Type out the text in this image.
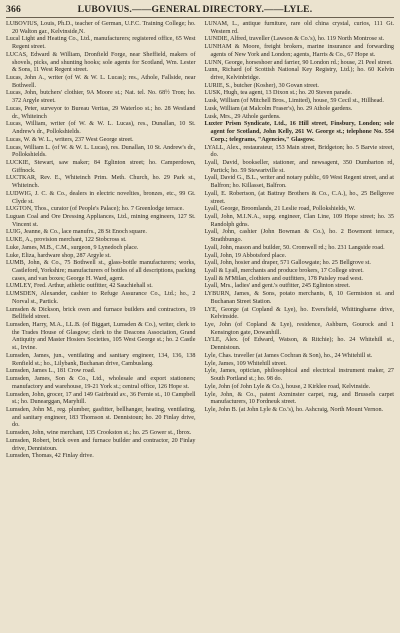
366	LUBOVIUS.——GENERAL DIRECTORY.——LYLE.

LUBOVIUS, Louis, Ph.D., teacher of German, U.F.C. Training College; ho. 20 Walton gar., Kelvinside,N.

Lucal Light and Heating Co., Ltd., manufacturers; registered office, 65 West Regent street.

LUCAS, Edward & William, Dronfield Forge, near Sheffield, makers of shovels, picks, and shunting hooks; sole agents for Scotland, Wm. Lester & Sons, 11 West Regent street.

Lucas, John A., writer (of W. & W. L. Lucas); res., Athole, Fallside, near Bothwell.

Lucas, John, butchers' clothier, 9A Moore st.; Nat. tel. No. 68½ Tron; ho. 372 Argyle street.

Lucas, Peter, surveyor to Bureau Veritas, 29 Waterloo st.; ho. 28 Westland dr., Whiteinch

Lucas, William, writer (of W. & W. L. Lucas), res., Dunallan, 10 St. Andrew's dr., Pollokshields.

Lucas, W. & W. L., writers, 237 West George street.

Lucas, William L. (of W. & W. L. Lucas), res. Dunallan, 10 St. Andrew's dr., Pollokshields.

LUCKIE, Stewart, saw maker; 84 Eglinton street; ho. Camperdown, Giffnock.

LUCTKAR, Rev. E., Whiteinch Prim. Meth. Church, ho. 29 Park st., Whiteinch.

LUDWIG, J. C. & Co., dealers in electric novelties, bronzes, etc., 99 Gt. Clyde st.

LUGTON, Thos., curator (of People's Palace); ho. 7 Greenlodge terrace.

Luguan Coal and Ore Dressing Appliances, Ltd., mining engineers, 127 St. Vincent st.

LUIG, Jeanne, & Co., lace manufrs., 28 St Enoch square.

LUKE, A., provision merchant, 122 Stobcross st.

Luke, James, M.B., C.M., surgeon, 9 Lynedoch place.

Luke, Eliza, hardware shop, 287 Argyle st.

LUMB, John, & Co., 75 Bothwell st., glass-bottle manufacturers; works, Castleford, Yorkshire; manufacturers of bottles of all descriptions, packing cases, and van boxes; George H. Ward, agent.

LUMLEY, Fred. Arthur, athletic outfitter, 42 Sauchiehall st.

LUMSDEN, Alexander, cashier to Refuge Assurance Co., Ltd.; ho., 2 Norval st., Partick.

Lumsden & Dickson, brick oven and furnace builders and contractors, 19 Bellfield street.

Lumsden, Harry, M.A., LL.B. (of Biggart, Lumsden & Co.), writer, clerk to the Trades House of Glasgow; clerk to the Deacons Association, Grand Antiquity and Master Hosiers Societies, 105 West George st.; ho. 2 Castle st., Irvine.

Lumsden, James, jun., ventilating and sanitary engineer, 134, 136, 138 Renfield st.; ho., Lilybank, Buchanan drive, Cambuslang.

Lumsden, James L., 181 Crow road.

Lumsden, James, Son & Co., Ltd., wholesale and export stationers; manufactory and warehouse, 19-21 York st.; central office, 126 Hope st.

Lumsden, John, grocer, 17 and 149 Gairbraid av., 36 Fernie st., 10 Campbell st.; ho. Dunearggan, Maryhill.

Lumsden, John M., reg. plumber, gasfitter, bellhanger, heating, ventilating, and sanitary engineer, 183 Thomson st. Dennistoun; ho. 20 Finlay drive, do.

Lumsden, John, wine merchant, 135 Crookston st.; ho. 25 Gower st., Ibrox.

Lumsden, Robert, brick oven and furnace builder and contractor, 20 Finlay drive, Dennistoun.

Lumsden, Thomas, 42 Finlay drive.

LUNAM, L., antique furniture, rare old china crystal, curios, 111 Gt. Western rd.

LUNDIE, Alfred, traveller (Lawson & Co.'s), ho. 119 North Montrose st.

LUNHAM & Moore, freight brokers, marine insurance and forwarding agents of New York and London; agents, Harris & Co., 67 Hope st.

LUNN, George, horseshoer and farrier, 90 London rd.; house, 21 Peel street.

Lunn, Richard (of Scottish National Key Registry, Ltd.); ho. 60 Kelvin drive, Kelvinbridge.

LURIE, S., butcher (Kosher), 30 Govan street.

LUSK, Hugh, tea agent, 13 Dixon st.; ho. 20 Steven parade.

Lusk, William (of Mitchell Bros., Limited), house, 59 Cecil st., Hillhead.

Lusk, William (at Malcolm Fraser's), ho. 29 Athole gardens.

Lusk, Mrs., 29 Athole gardens.

Luxter Prism Syndicate, Ltd., 16 Hill street, Finsbury, London; sole agent for Scotland, John Kelly, 261 W. George st.; telephone No. 554 Corp.; telegrams, "Agencies," Glasgow.

LYALL, Alex., restaurateur, 153 Main street, Bridgeton; ho. 5 Barvie street, do.

Lyall, David, bookseller, stationer, and newsagent, 350 Dumbarton rd, Partick; ho. 59 Stewartville st.

Lyall, David G., B.L., writer and notary public, 69 West Regent street, and at Balfron; ho. Killasset, Balfron.

Lyall, E. Robertson, (at Battray Brothers & Co., C.A.), ho., 25 Bellgrove street.

Lyall, George, Broomlands, 21 Leslie road, Pollokshields, W.

Lyall, John, M.I.N.A., supg. engineer, Clan Line, 109 Hope street; ho. 35 Randolph gdns.

Lyall, John, cashier (John Bowman & Co.), ho. 2 Bowmont terrace, Strathbungo.

Lyall, John, mason and builder, 50. Cromwell rd.; ho. 231 Langside road.

Lyall, John, 19 Abbotsford place.

Lyall, John, hosier and draper, 571 Gallowgate; ho. 25 Bellgrove st.

Lyall & Lyall, merchants and produce brokers, 17 College street.

Lyall & M'Milan, clothiers and outfitters, 178 Paisley road west.

Lyall, Mrs., ladies' and gent.'s outfitter, 245 Eglinton street.

LYBURN, James, & Sons, potato merchants, 8, 10 Germiston st. and Buchanan Street Station.

LYE, George (at Copland & Lye), ho. Eversfield, Whittinghame drive, Kelvinside.

Lye, John (of Copland & Lye), residence, Ashburn, Gourock and 1 Kensington gate, Dowanhill.

LYLE, Alex. (of Edward, Watson, & Ritchie); ho. 24 Whitehill st., Dennistoun.

Lyle, Chas. traveller (at James Cochran & Son), ho., 24 Whitehill st.

Lyle, James, 109 Whitehill street.

Lyle, James, optician, philosophical and electrical instrument maker, 27 South Portland st.; ho. 98 do.

Lyle, John (of John Lyle & Co.), house, 2 Kirklee road, Kelvinside.

Lyle, John, & Co., patent Axminster carpet, rug, and Brussels carpet manufacturers, 10 Fordneuk street.

Lyle, John B. (at John Lyle & Co.'s), ho. Ashcraig, North Mount Vernon.
